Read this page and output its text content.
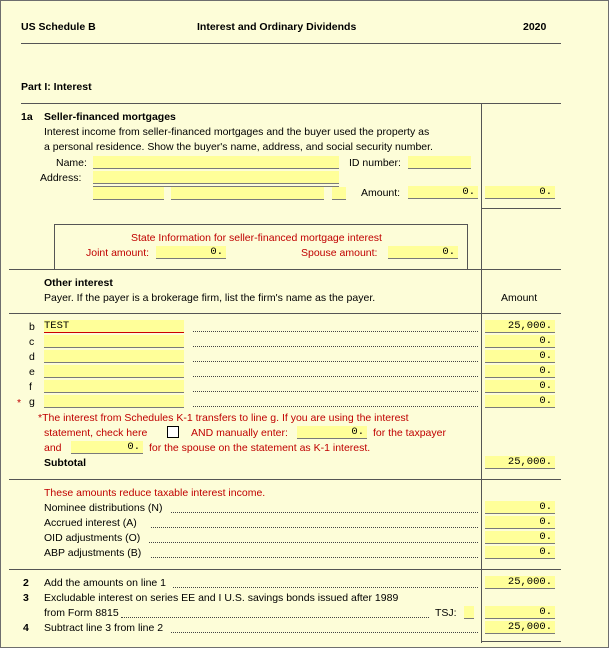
US Schedule B	Interest and Ordinary Dividends	2020
Part I: Interest
1a Seller-financed mortgages
Interest income from seller-financed mortgages and the buyer used the property as
a personal residence. Show the buyer's name, address, and social security number.
Name:	ID number:
Address:
Amount:	0.	0.
State Information for seller-financed mortgage interest
Joint amount:	0.	Spouse amount:	0.
Other interest
Payer. If the payer is a brokerage firm, list the firm's name as the payer.	Amount
b TEST	25,000.
c	0.
d	0.
e	0.
f	0.
* g	0.
*The interest from Schedules K-1 transfers to line g. If you are using the interest
statement, check here	AND manually enter:	0. for the taxpayer
and	0. for the spouse on the statement as K-1 interest.
Subtotal	25,000.
These amounts reduce taxable interest income.
Nominee distributions (N)	0.
Accrued interest (A)	0.
OID adjustments (O)	0.
ABP adjustments (B)	0.
2 Add the amounts on line 1	25,000.
3 Excludable interest on series EE and I U.S. savings bonds issued after 1989
from Form 8815	TSJ:	0.
4 Subtract line 3 from line 2	25,000.
